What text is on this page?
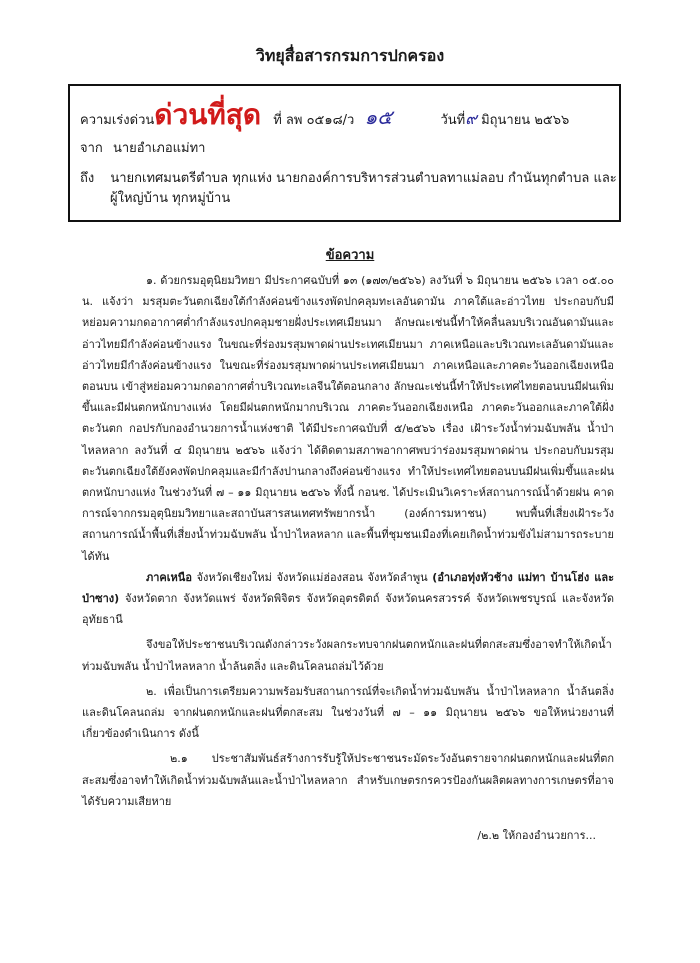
วิทยุสื่อสารกรมการปกครอง
ความเร่งด่วนด่วนที่สุด ที่ ลพ ๐๕๑๘/ว ๑๕	วันที่๙ มิถุนายน ๒๕๖๖
จาก นายอำเภอแม่ทา
ถึง นายกเทศมนตรีตำบล ทุกแห่ง นายกองค์การบริหารส่วนตำบลทาแม่ลอบ กำนันทุกตำบล และ
ผู้ใหญ่บ้าน ทุกหมู่บ้าน
ข้อความ

๑. ด้วยกรมอุตุนิยมวิทยา มีประกาศฉบับที่ ๑๓ (๑๗๓/๒๕๖๖) ลงวันที่ ๖ มิถุนายน ๒๕๖๖ เวลา ๐๕.๐๐ น. แจ้งว่า มรสุมตะวันตกเฉียงใต้กำลังค่อนข้างแรงพัดปกคลุมทะเลอันดามัน ภาคใต้และอ่าวไทย ประกอบกับมีหย่อมความกดอากาศต่ำกำลังแรงปกคลุมชายฝั่งประเทศเมียนมา ลักษณะเช่นนี้ทำให้คลื่นลมบริเวณอันดามันและอ่าวไทยมีกำลังค่อนข้างแรง ในขณะที่ร่องมรสุมพาดผ่านประเทศเมียนมา ภาคเหนือและบริเวณทะเลอันดามันและอ่าวไทยมีกำลังค่อนข้างแรง ในขณะที่ร่องมรสุมพาดผ่านประเทศเมียนมา ภาคเหนือและภาคตะวันออกเฉียงเหนือตอนบน เข้าสู่หย่อมความกดอากาศต่ำบริเวณทะเลจีนใต้ตอนกลาง ลักษณะเช่นนี้ทำให้ประเทศไทยตอนบนมีฝนเพิ่มขึ้นและมีฝนตกหนักบางแห่ง โดยมีฝนตกหนักมากบริเวณ ภาคตะวันออกเฉียงเหนือ ภาคตะวันออกและภาคใต้ฝั่งตะวันตก กอปรกับกองอำนวยการน้ำแห่งชาติ ได้มีประกาศฉบับที่ ๕/๒๕๖๖ เรื่อง เฝ้าระวังน้ำท่วมฉับพลัน น้ำป่าไหลหลาก ลงวันที่ ๔ มิถุนายน ๒๕๖๖ แจ้งว่า ได้ติดตามสภาพอากาศพบว่าร่องมรสุมพาดผ่าน ประกอบกับมรสุมตะวันตกเฉียงใต้ยังคงพัดปกคลุมและมีกำลังปานกลางถึงค่อนข้างแรง ทำให้ประเทศไทยตอนบนมีฝนเพิ่มขึ้นและฝนตกหนักบางแห่ง ในช่วงวันที่ ๗ – ๑๑ มิถุนายน ๒๕๖๖ ทั้งนี้ กอนช. ได้ประเมินวิเคราะห์สถานการณ์น้ำด้วยฝน คาดการณ์จากกรมอุตุนิยมวิทยาและสถาบันสารสนเทศทรัพยากรน้ำ (องค์การมหาชน) พบพื้นที่เสี่ยงเฝ้าระวังสถานการณ์น้ำพื้นที่เสี่ยงน้ำท่วมฉับพลัน น้ำป่าไหลหลาก และพื้นที่ชุมชนเมืองที่เคยเกิดน้ำท่วมขังไม่สามารถระบายได้ทัน

ภาคเหนือ จังหวัดเชียงใหม่ จังหวัดแม่ฮ่องสอน จังหวัดลำพูน (อำเภอทุ่งหัวช้าง แม่ทา บ้านโฮ่ง และป่าซาง) จังหวัดตาก จังหวัดแพร่ จังหวัดพิจิตร จังหวัดอุตรดิตถ์ จังหวัดนครสวรรค์ จังหวัดเพชรบูรณ์ และจังหวัดอุทัยธานี

จึงขอให้ประชาชนบริเวณดังกล่าวระวังผลกระทบจากฝนตกหนักและฝนที่ตกสะสมซึ่งอาจทำให้เกิดน้ำท่วมฉับพลัน น้ำป่าไหลหลาก น้ำล้นตลิ่ง และดินโคลนถล่มไว้ด้วย

๒. เพื่อเป็นการเตรียมความพร้อมรับสถานการณ์ที่จะเกิดน้ำท่วมฉับพลัน น้ำป่าไหลหลาก น้ำล้นตลิ่ง และดินโคลนถล่ม จากฝนตกหนักและฝนที่ตกสะสม ในช่วงวันที่ ๗ – ๑๑ มิถุนายน ๒๕๖๖ ขอให้หน่วยงานที่เกี่ยวข้องดำเนินการ ดังนี้

๒.๑ ประชาสัมพันธ์สร้างการรับรู้ให้ประชาชนระมัดระวังอันตรายจากฝนตกหนักและฝนที่ตกสะสมซึ่งอาจทำให้เกิดน้ำท่วมฉับพลันและน้ำป่าไหลหลาก สำหรับเกษตรกรควรป้องกันผลิตผลทางการเกษตรที่อาจได้รับความเสียหาย

/๒.๒ ให้กองอำนวยการ...
